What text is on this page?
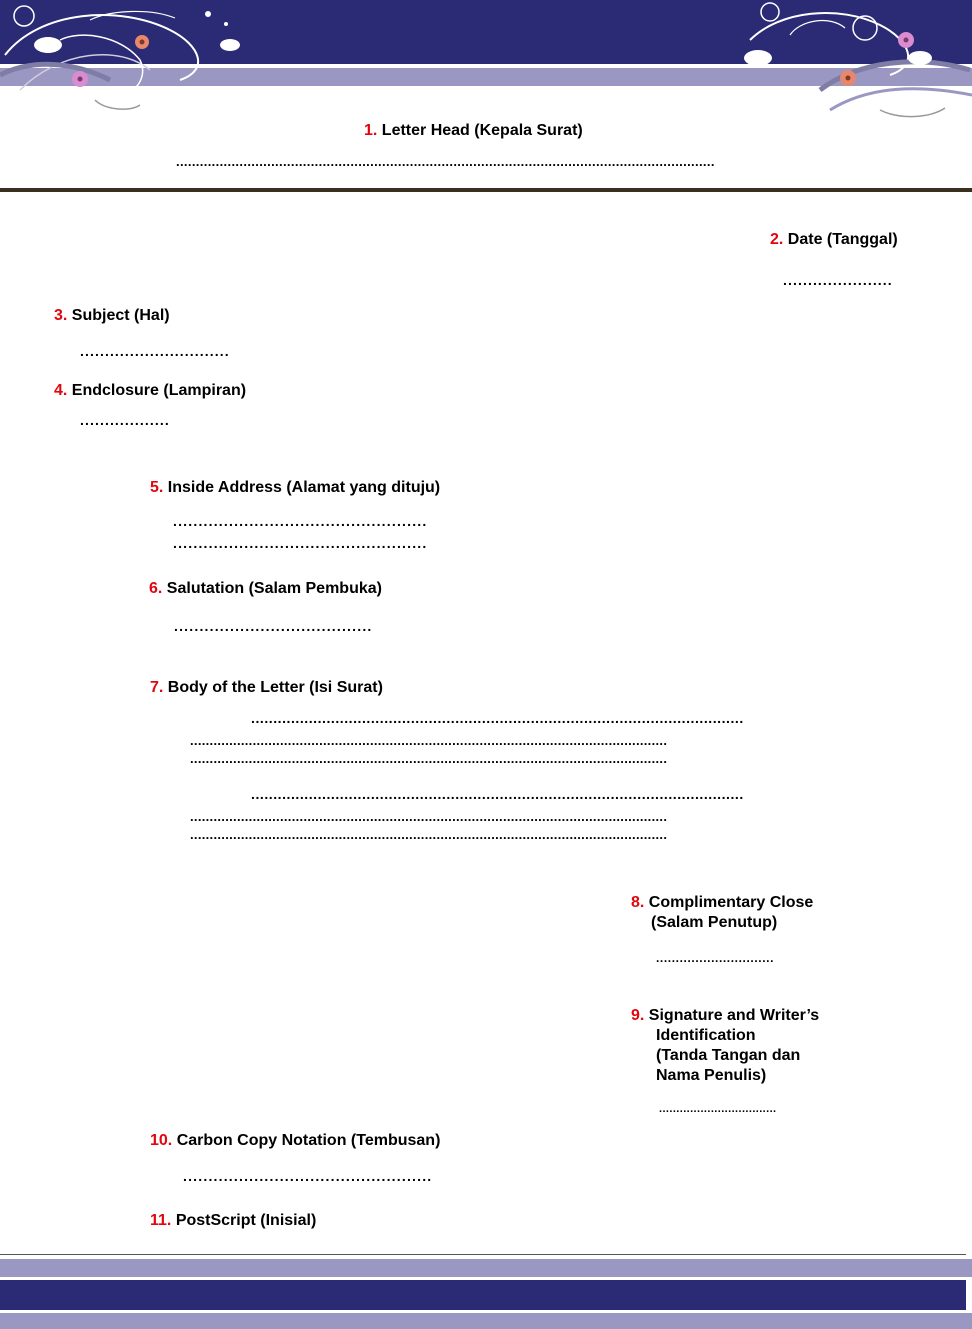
1. Letter Head (Kepala Surat)
........................................................................................................................................
2. Date (Tanggal)
......................
3. Subject (Hal)
..............................
4. Endclosure (Lampiran)
..................
5. Inside Address (Alamat yang dituju)
..................................................
..................................................
6. Salutation (Salam Pembuka)
.......................................
7. Body of the Letter (Isi Surat)
...............................................................................................................
..........................................................................................................................
..........................................................................................................................
...............................................................................................................
..........................................................................................................................
..........................................................................................................................
8. Complimentary Close
(Salam Penutup)
..............................
9. Signature and Writer’s
Identification
(Tanda Tangan dan
Nama Penulis)
..................................
10. Carbon Copy Notation (Tembusan)
.................................................
11. PostScript (Inisial)
